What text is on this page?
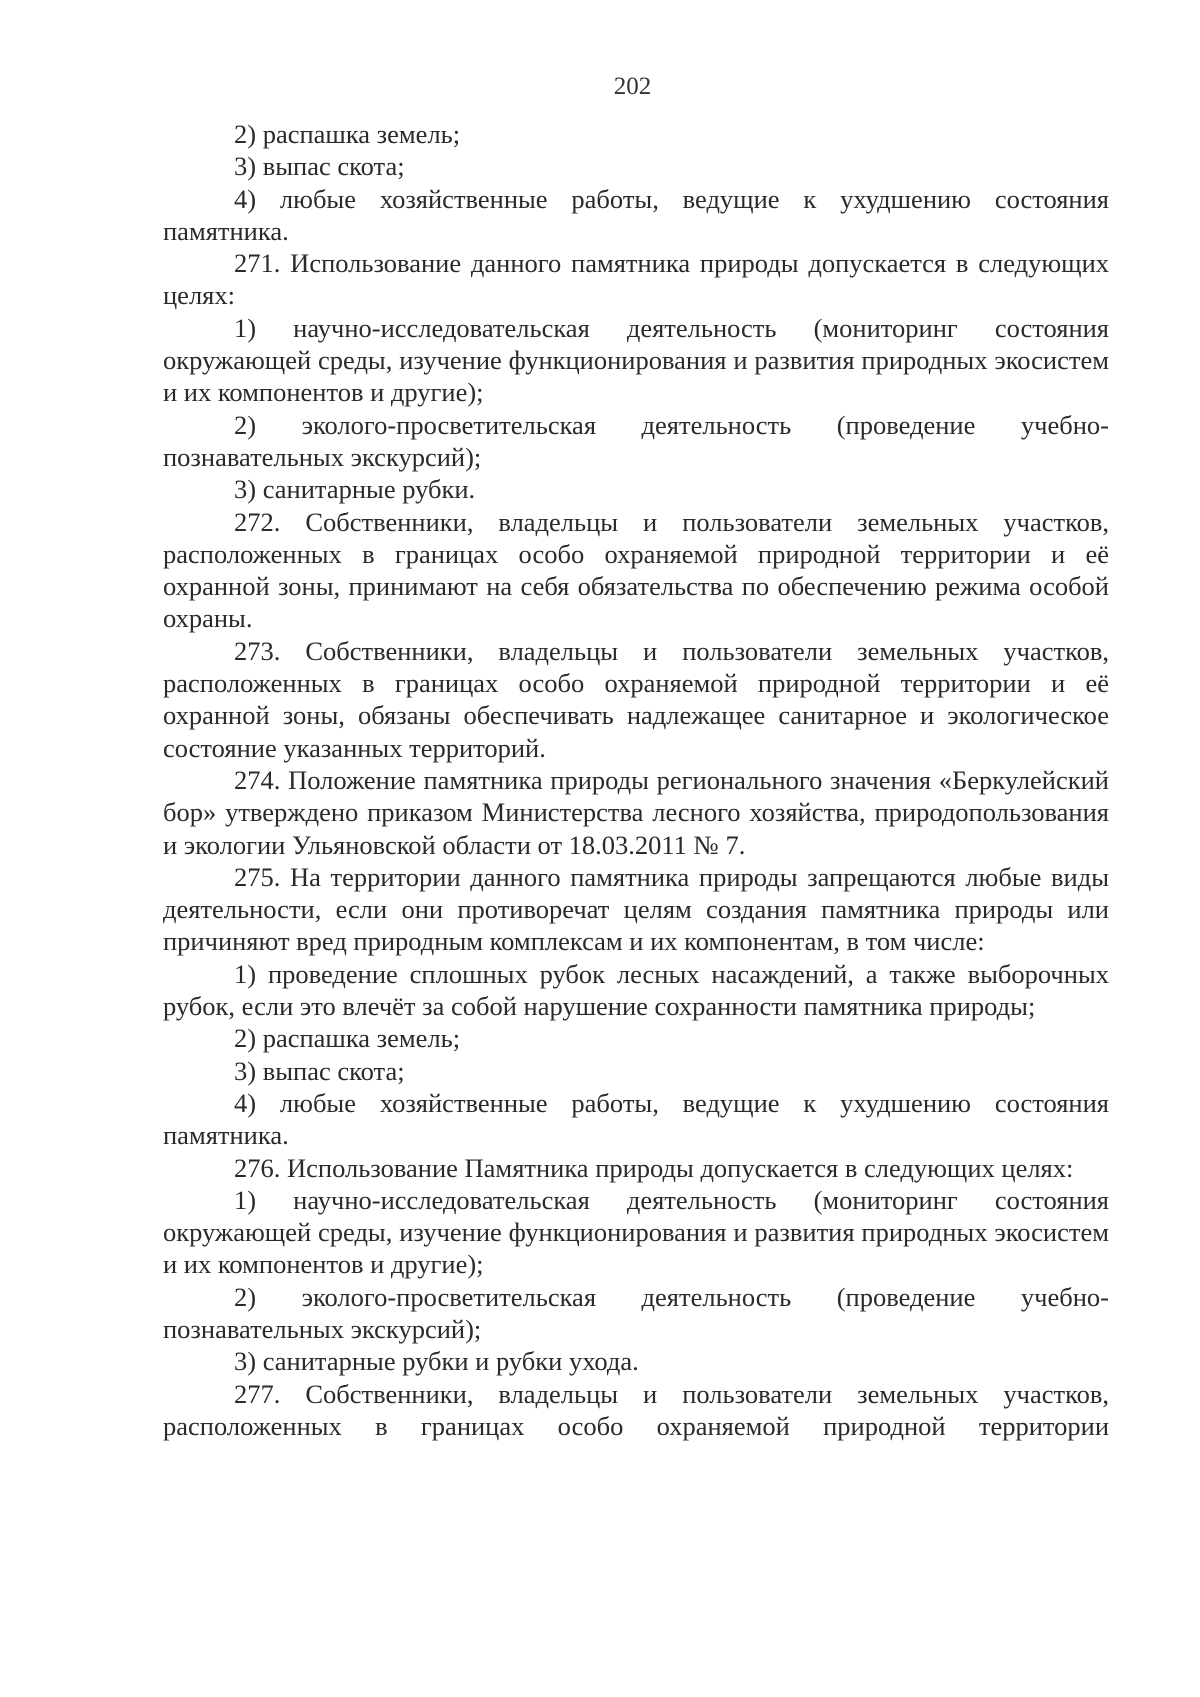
202

2) распашка земель;

3) выпас скота;

4) любые хозяйственные работы, ведущие к ухудшению состояния памятника.

271. Использование данного памятника природы допускается в следующих целях:

1) научно-исследовательская деятельность (мониторинг состояния окружающей среды, изучение функционирования и развития природных экосистем и их компонентов и другие);

2) эколого-просветительская деятельность (проведение учебно-познавательных экскурсий);

3) санитарные рубки.

272. Собственники, владельцы и пользователи земельных участков, расположенных в границах особо охраняемой природной территории и её охранной зоны, принимают на себя обязательства по обеспечению режима особой охраны.

273. Собственники, владельцы и пользователи земельных участков, расположенных в границах особо охраняемой природной территории и её охранной зоны, обязаны обеспечивать надлежащее санитарное и экологическое состояние указанных территорий.

274. Положение памятника природы регионального значения «Беркулейский бор» утверждено приказом Министерства лесного хозяйства, природопользования и экологии Ульяновской области от 18.03.2011 № 7.

275. На территории данного памятника природы запрещаются любые виды деятельности, если они противоречат целям создания памятника природы или причиняют вред природным комплексам и их компонентам, в том числе:

1) проведение сплошных рубок лесных насаждений, а также выборочных рубок, если это влечёт за собой нарушение сохранности памятника природы;

2) распашка земель;

3) выпас скота;

4) любые хозяйственные работы, ведущие к ухудшению состояния памятника.

276. Использование Памятника природы допускается в следующих целях:

1) научно-исследовательская деятельность (мониторинг состояния окружающей среды, изучение функционирования и развития природных экосистем и их компонентов и другие);

2) эколого-просветительская деятельность (проведение учебно-познавательных экскурсий);

3) санитарные рубки и рубки ухода.

277. Собственники, владельцы и пользователи земельных участков, расположенных в границах особо охраняемой природной территории
